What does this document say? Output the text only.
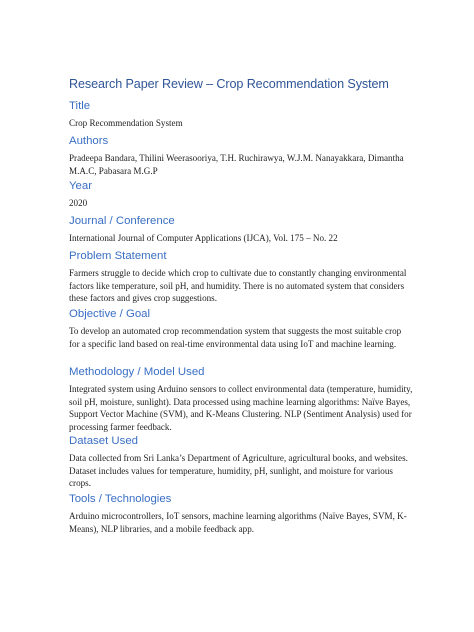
Research Paper Review – Crop Recommendation System
Title

Crop Recommendation System

Authors

Pradeepa Bandara, Thilini Weerasooriya, T.H. Ruchirawya, W.J.M. Nanayakkara, Dimantha M.A.C, Pabasara M.G.P

Year

2020

Journal / Conference

International Journal of Computer Applications (IJCA), Vol. 175 – No. 22

Problem Statement

Farmers struggle to decide which crop to cultivate due to constantly changing environmental factors like temperature, soil pH, and humidity. There is no automated system that considers these factors and gives crop suggestions.

Objective / Goal

To develop an automated crop recommendation system that suggests the most suitable crop for a specific land based on real-time environmental data using IoT and machine learning.

Methodology / Model Used

Integrated system using Arduino sensors to collect environmental data (temperature, humidity, soil pH, moisture, sunlight). Data processed using machine learning algorithms: Naïve Bayes, Support Vector Machine (SVM), and K-Means Clustering. NLP (Sentiment Analysis) used for processing farmer feedback.

Dataset Used

Data collected from Sri Lanka’s Department of Agriculture, agricultural books, and websites. Dataset includes values for temperature, humidity, pH, sunlight, and moisture for various crops.

Tools / Technologies

Arduino microcontrollers, IoT sensors, machine learning algorithms (Naïve Bayes, SVM, K-Means), NLP libraries, and a mobile feedback app.
